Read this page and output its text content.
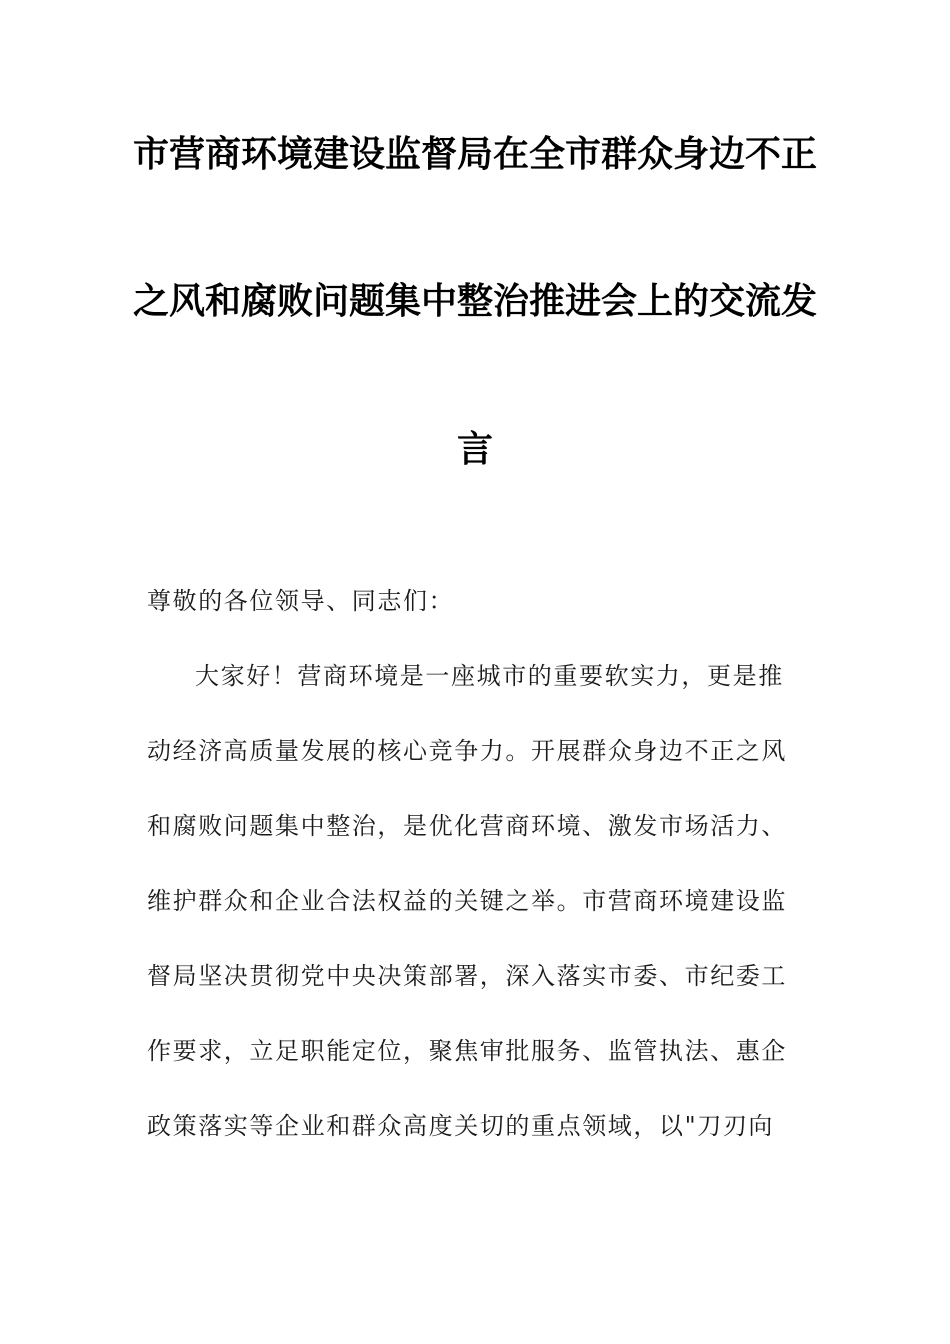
市营商环境建设监督局在全市群众身边不正
之风和腐败问题集中整治推进会上的交流发
言
尊敬的各位领导、同志们：
大家好！营商环境是一座城市的重要软实力，更是推
动经济高质量发展的核心竞争力。开展群众身边不正之风
和腐败问题集中整治，是优化营商环境、激发市场活力、
维护群众和企业合法权益的关键之举。市营商环境建设监
督局坚决贯彻党中央决策部署，深入落实市委、市纪委工
作要求，立足职能定位，聚焦审批服务、监管执法、惠企
政策落实等企业和群众高度关切的重点领域，以"刀刃向
